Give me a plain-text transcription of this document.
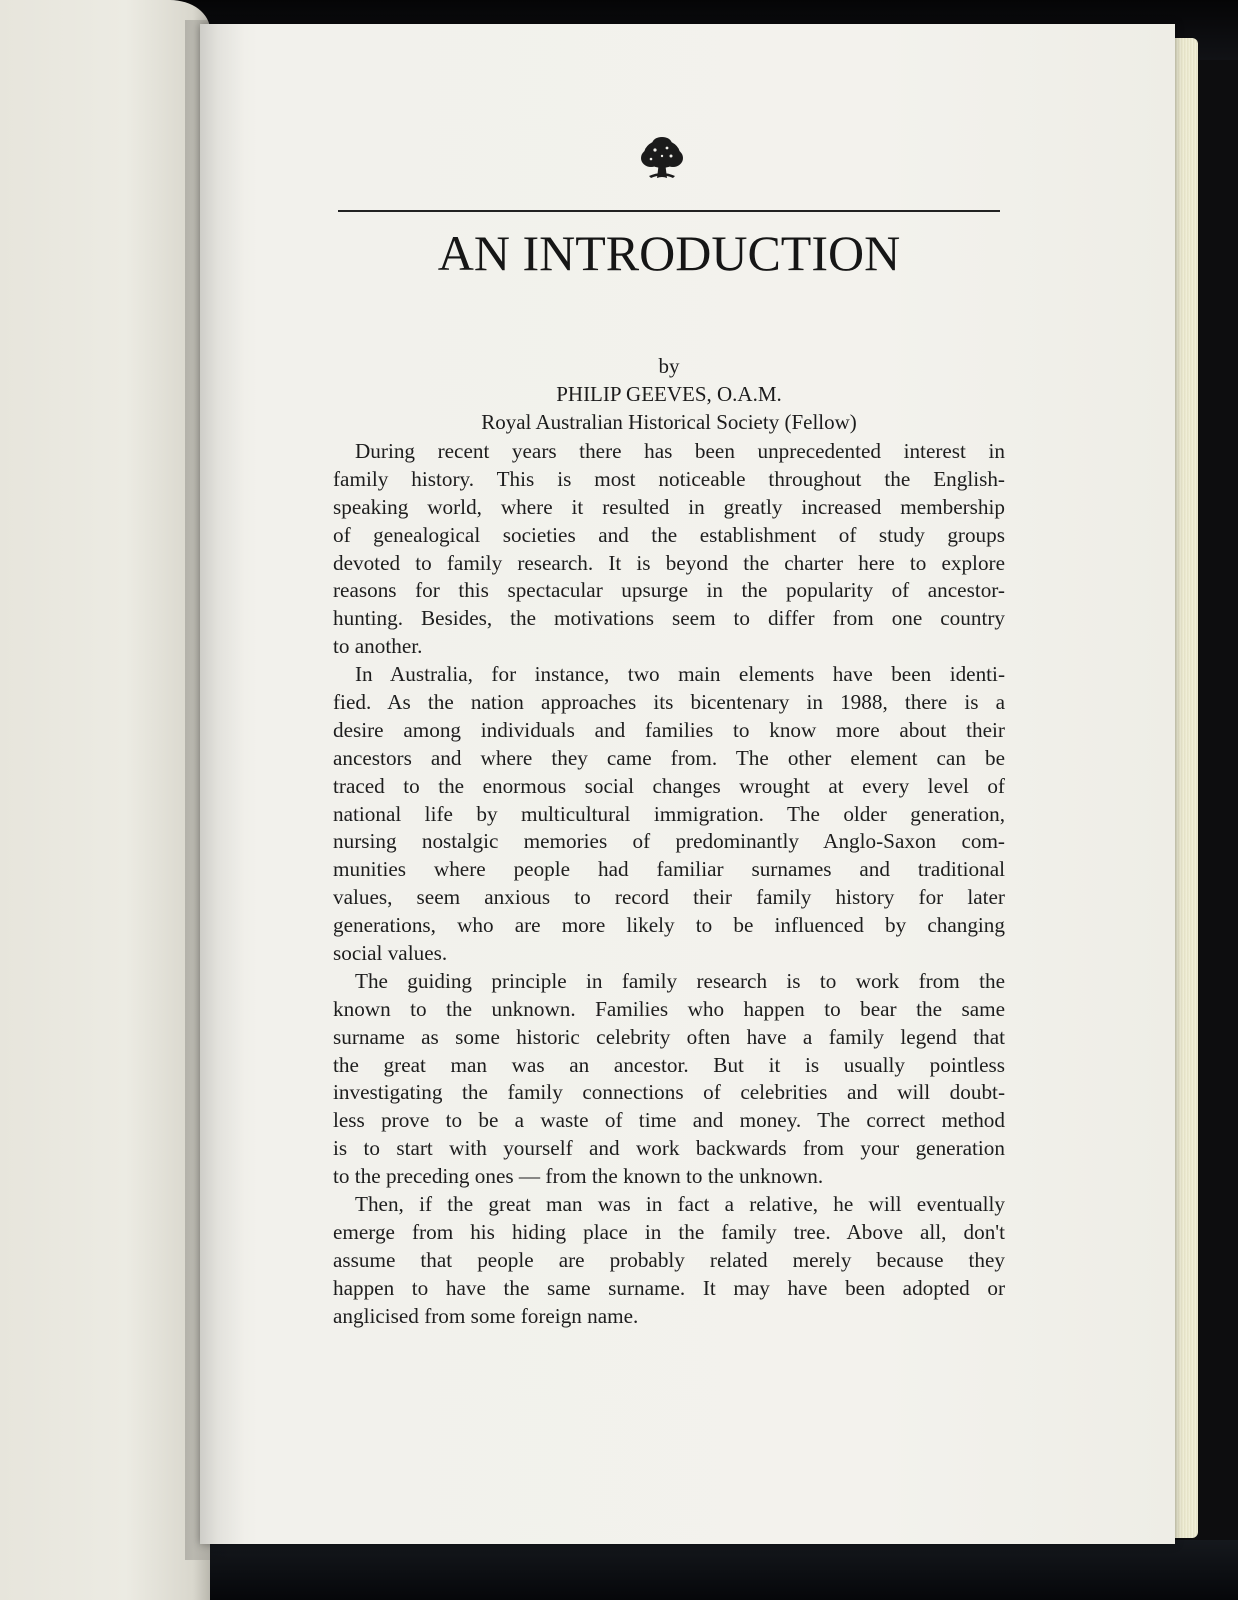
AN INTRODUCTION
by
PHILIP GEEVES, O.A.M.
Royal Australian Historical Society (Fellow)
During recent years there has been unprecedented interest in
family history. This is most noticeable throughout the English-
speaking world, where it resulted in greatly increased membership
of genealogical societies and the establishment of study groups
devoted to family research. It is beyond the charter here to explore
reasons for this spectacular upsurge in the popularity of ancestor-
hunting. Besides, the motivations seem to differ from one country
to another.
In Australia, for instance, two main elements have been identi-
fied. As the nation approaches its bicentenary in 1988, there is a
desire among individuals and families to know more about their
ancestors and where they came from. The other element can be
traced to the enormous social changes wrought at every level of
national life by multicultural immigration. The older generation,
nursing nostalgic memories of predominantly Anglo-Saxon com-
munities where people had familiar surnames and traditional
values, seem anxious to record their family history for later
generations, who are more likely to be influenced by changing
social values.
The guiding principle in family research is to work from the
known to the unknown. Families who happen to bear the same
surname as some historic celebrity often have a family legend that
the great man was an ancestor. But it is usually pointless
investigating the family connections of celebrities and will doubt-
less prove to be a waste of time and money. The correct method
is to start with yourself and work backwards from your generation
to the preceding ones — from the known to the unknown.
Then, if the great man was in fact a relative, he will eventually
emerge from his hiding place in the family tree. Above all, don't
assume that people are probably related merely because they
happen to have the same surname. It may have been adopted or
anglicised from some foreign name.
